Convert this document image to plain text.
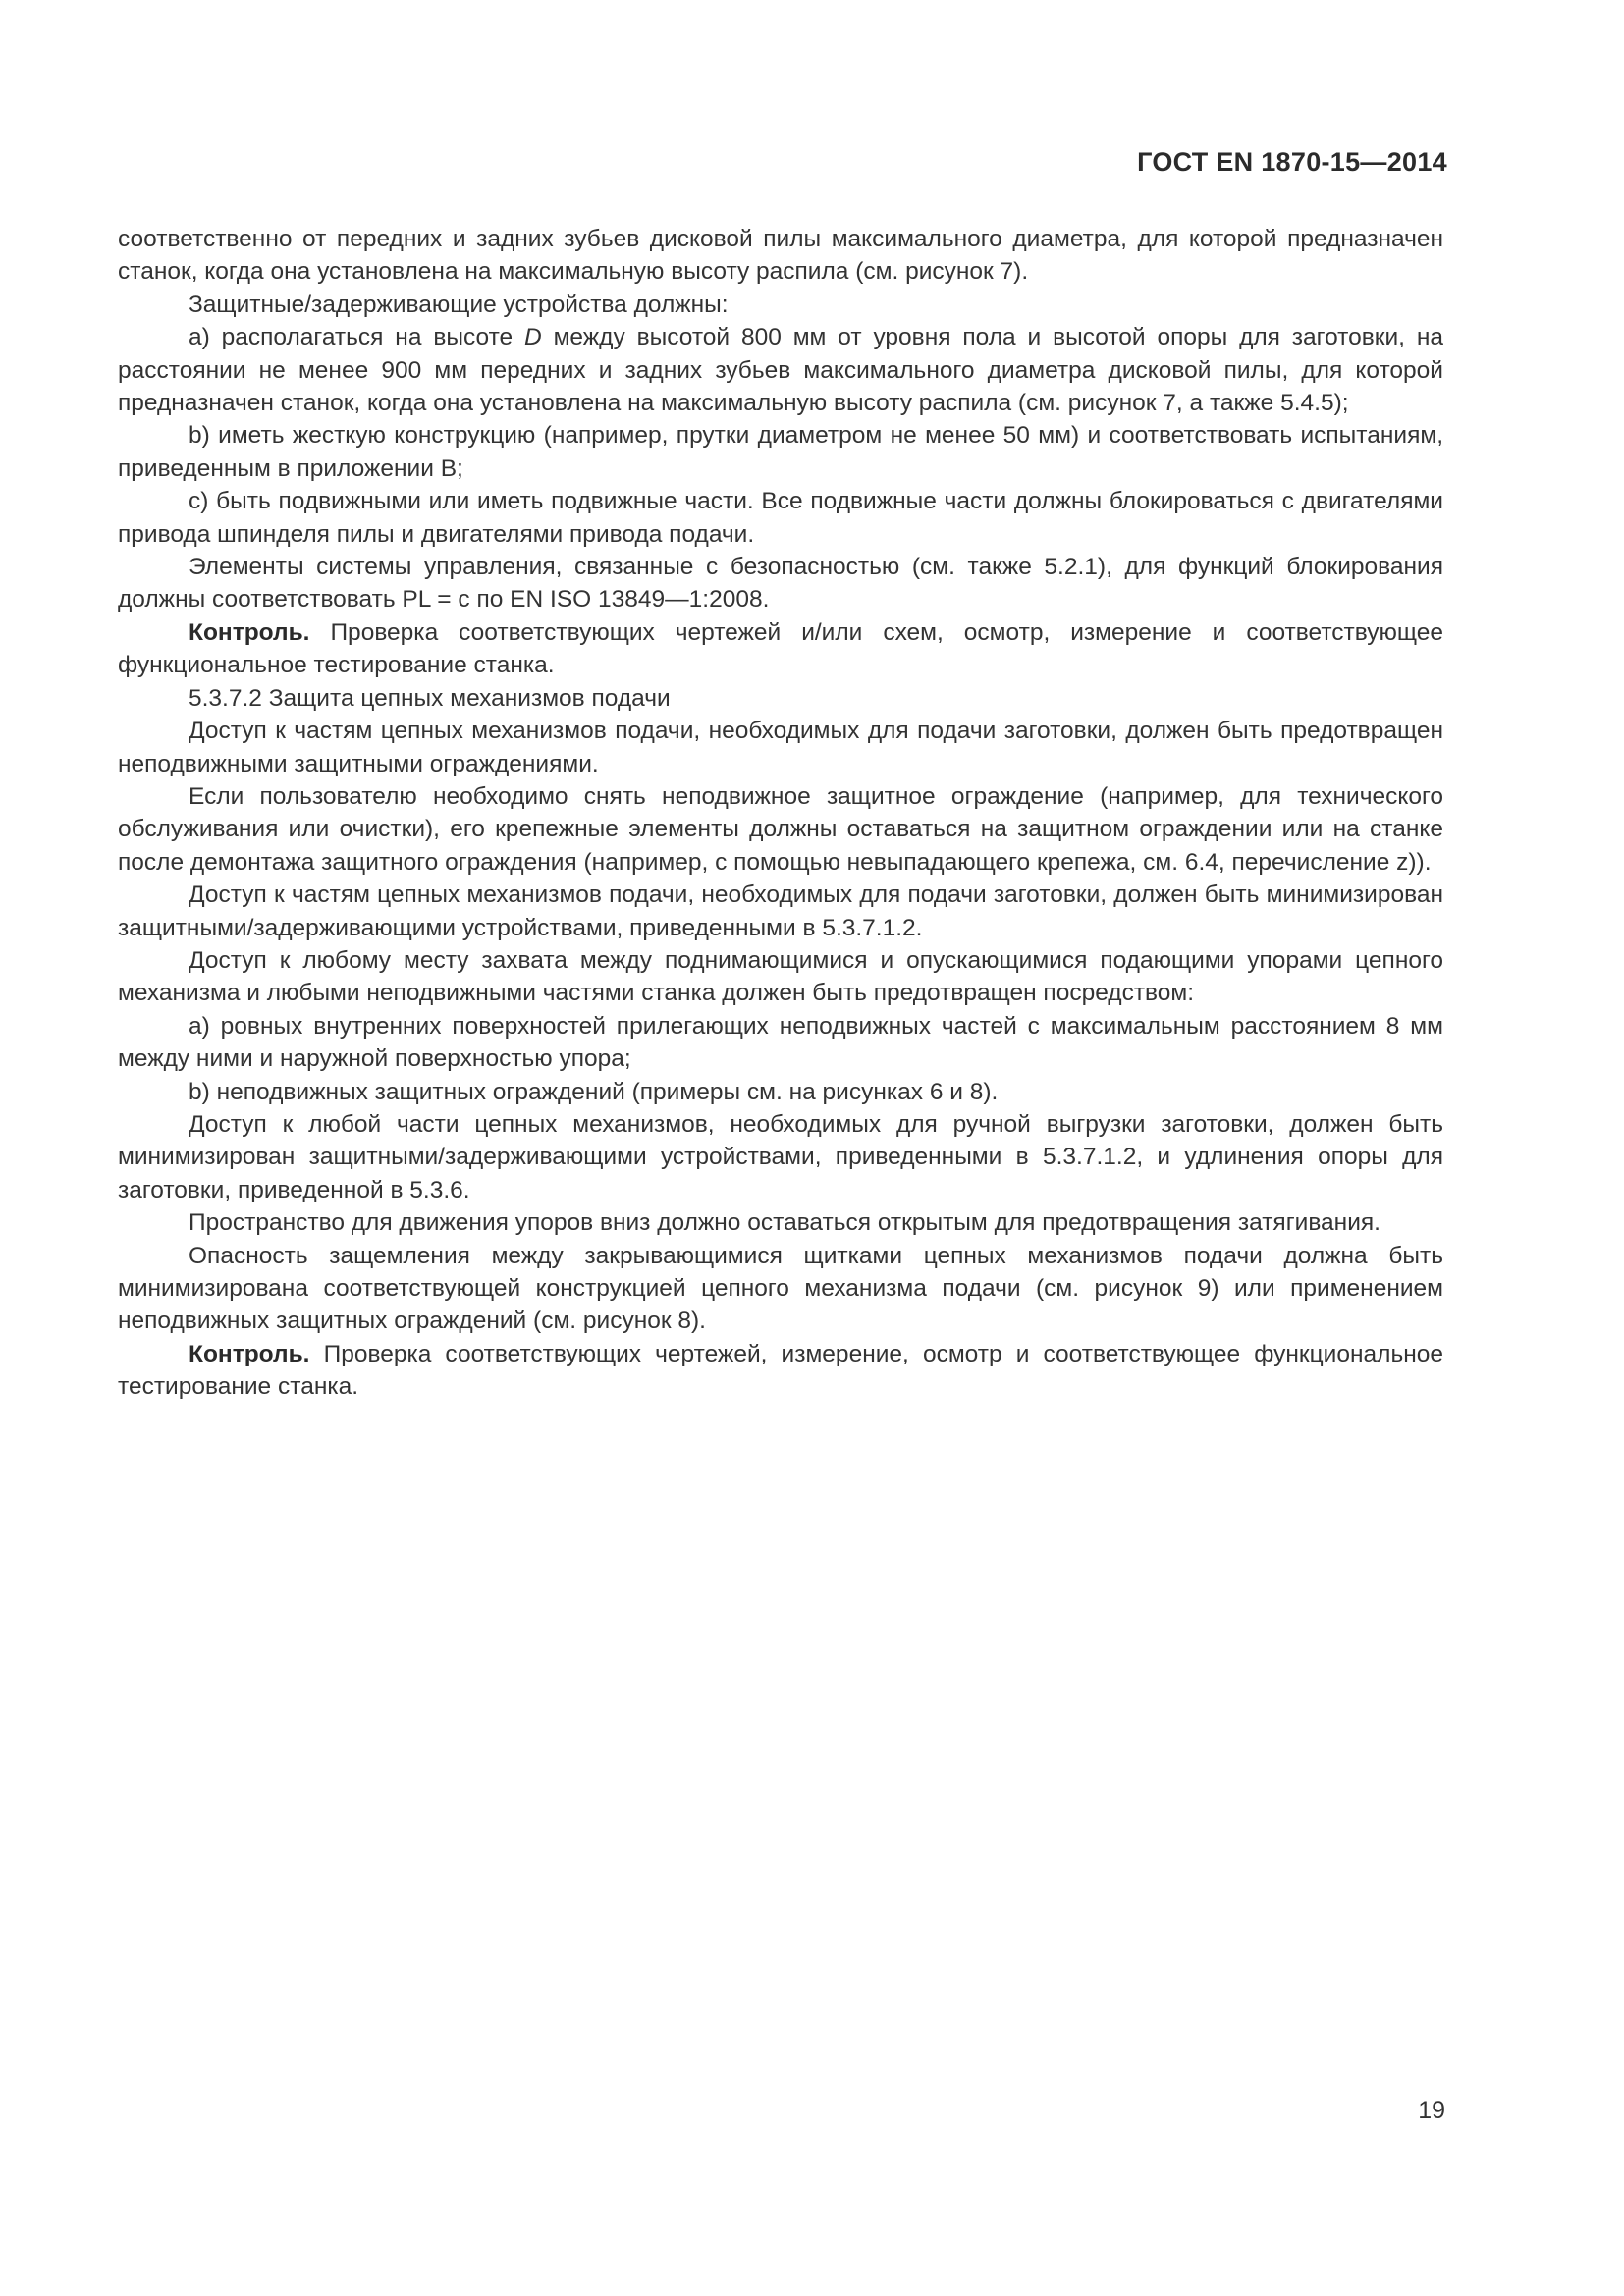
ГОСТ EN 1870-15—2014

соответственно от передних и задних зубьев дисковой пилы максимального диаметра, для которой предназначен станок, когда она установлена на максимальную высоту распила (см. рисунок 7).

Защитные/задерживающие устройства должны:

a) располагаться на высоте D между высотой 800 мм от уровня пола и высотой опоры для заготовки, на расстоянии не менее 900 мм передних и задних зубьев максимального диаметра дисковой пилы, для которой предназначен станок, когда она установлена на максимальную высоту распила (см. рисунок 7, а также 5.4.5);

b) иметь жесткую конструкцию (например, прутки диаметром не менее 50 мм) и соответствовать испытаниям, приведенным в приложении B;

c) быть подвижными или иметь подвижные части. Все подвижные части должны блокироваться с двигателями привода шпинделя пилы и двигателями привода подачи.

Элементы системы управления, связанные с безопасностью (см. также 5.2.1), для функций блокирования должны соответствовать PL = c по EN ISO 13849—1:2008.

Контроль. Проверка соответствующих чертежей и/или схем, осмотр, измерение и соответствующее функциональное тестирование станка.

5.3.7.2 Защита цепных механизмов подачи

Доступ к частям цепных механизмов подачи, необходимых для подачи заготовки, должен быть предотвращен неподвижными защитными ограждениями.

Если пользователю необходимо снять неподвижное защитное ограждение (например, для технического обслуживания или очистки), его крепежные элементы должны оставаться на защитном ограждении или на станке после демонтажа защитного ограждения (например, с помощью невыпадающего крепежа, см. 6.4, перечисление z)).

Доступ к частям цепных механизмов подачи, необходимых для подачи заготовки, должен быть минимизирован защитными/задерживающими устройствами, приведенными в 5.3.7.1.2.

Доступ к любому месту захвата между поднимающимися и опускающимися подающими упорами цепного механизма и любыми неподвижными частями станка должен быть предотвращен посредством:

a) ровных внутренних поверхностей прилегающих неподвижных частей с максимальным расстоянием 8 мм между ними и наружной поверхностью упора;

b) неподвижных защитных ограждений (примеры см. на рисунках 6 и 8).

Доступ к любой части цепных механизмов, необходимых для ручной выгрузки заготовки, должен быть минимизирован защитными/задерживающими устройствами, приведенными в 5.3.7.1.2, и удлинения опоры для заготовки, приведенной в 5.3.6.

Пространство для движения упоров вниз должно оставаться открытым для предотвращения затягивания.

Опасность защемления между закрывающимися щитками цепных механизмов подачи должна быть минимизирована соответствующей конструкцией цепного механизма подачи (см. рисунок 9) или применением неподвижных защитных ограждений (см. рисунок 8).

Контроль. Проверка соответствующих чертежей, измерение, осмотр и соответствующее функциональное тестирование станка.

19
